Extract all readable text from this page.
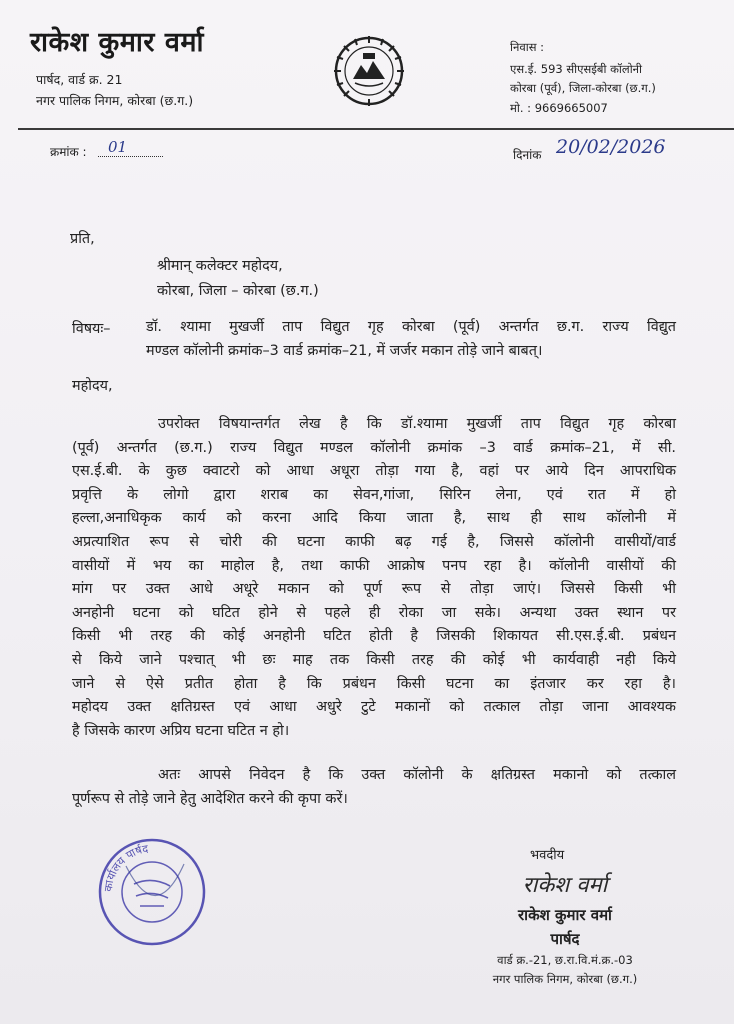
राकेश कुमार वर्मा
पार्षद, वार्ड क्र. 21
नगर पालिक निगम, कोरबा (छ.ग.)
निवास :
एस.ई. 593 सीएसईबी कॉलोनी
कोरबा (पूर्व), जिला-कोरबा (छ.ग.)
मो. : 9669665007
क्रमांक :	01	दिनांक 20/02/2026
प्रति,
श्रीमान् कलेक्टर महोदय,
कोरबा, जिला – कोरबा (छ.ग.)
विषयः– डॉ. श्यामा मुखर्जी ताप विद्युत गृह कोरबा (पूर्व) अन्तर्गत छ.ग. राज्य विद्युत
मण्डल कॉलोनी क्रमांक–3 वार्ड क्रमांक–21, में जर्जर मकान तोड़े जाने बाबत्।
महोदय,
उपरोक्त विषयान्तर्गत लेख है कि डॉ.श्यामा मुखर्जी ताप विद्युत गृह कोरबा
(पूर्व) अन्तर्गत (छ.ग.) राज्य विद्युत मण्डल कॉलोनी क्रमांक –3 वार्ड क्रमांक–21, में सी.
एस.ई.बी. के कुछ क्वाटरो को आधा अधूरा तोड़ा गया है, वहां पर आये दिन आपराधिक
प्रवृत्ति के लोगो द्वारा शराब का सेवन,गांजा, सिरिन लेना, एवं रात में हो
हल्ला,अनाधिकृक कार्य को करना आदि किया जाता है, साथ ही साथ कॉलोनी में
अप्रत्याशित रूप से चोरी की घटना काफी बढ़ गई है, जिससे कॉलोनी वासीयों/वार्ड
वासीयों में भय का माहोल है, तथा काफी आक्रोष पनप रहा है। कॉलोनी वासीयों की
मांग पर उक्त आधे अधूरे मकान को पूर्ण रूप से तोड़ा जाएं। जिससे किसी भी
अनहोनी घटना को घटित होने से पहले ही रोका जा सके। अन्यथा उक्त स्थान पर
किसी भी तरह की कोई अनहोनी घटित होती है जिसकी शिकायत सी.एस.ई.बी. प्रबंधन
से किये जाने पश्चात् भी छः माह तक किसी तरह की कोई भी कार्यवाही नही किये
जाने से ऐसे प्रतीत होता है कि प्रबंधन किसी घटना का इंतजार कर रहा है।
महोदय उक्त क्षतिग्रस्त एवं आधा अधुरे टुटे मकानों को तत्काल तोड़ा जाना आवश्यक
है जिसके कारण अप्रिय घटना घटित न हो।
अतः आपसे निवेदन है कि उक्त कॉलोनी के क्षतिग्रस्त मकानो को तत्काल
पूर्णरूप से तोड़े जाने हेतु आदेशित करने की कृपा करें।
कार्यालय पार्षद	भवदीय
राकेश वर्मा
राकेश कुमार वर्मा
पार्षद
वार्ड क्र.-21, छ.रा.वि.मं.क्र.-03
नगर पालिक निगम, कोरबा (छ.ग.)
